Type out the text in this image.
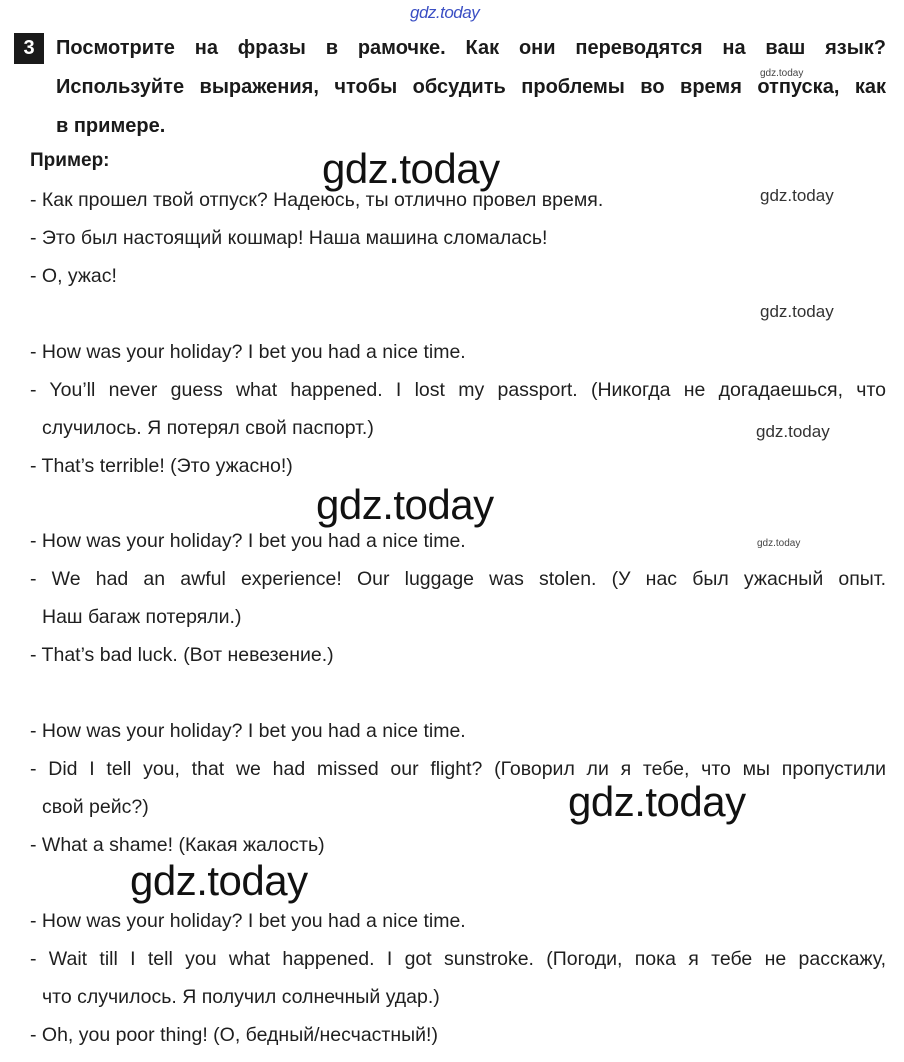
gdz.today
3	Посмотрите на фразы в рамочке. Как они переводятся на ваш язык?
Используйте выражения, чтобы обсудить проблемы во время отпуска, как
в примере.
gdz.today
Пример:	gdz.today
gdz.today
gdz.today
gdz.today
gdz.today
gdz.today
gdz.today
gdz.today
- Как прошел твой отпуск? Надеюсь, ты отлично провел время.
- Это был настоящий кошмар! Наша машина сломалась!
- О, ужас!
- How was your holiday? I bet you had a nice time.
- You’ll never guess what happened. I lost my passport. (Никогда не догадаешься, что
случилось. Я потерял свой паспорт.)
- That’s terrible! (Это ужасно!)
- How was your holiday? I bet you had a nice time.
- We had an awful experience! Our luggage was stolen. (У нас был ужасный опыт.
Наш багаж потеряли.)
- That’s bad luck. (Вот невезение.)
- How was your holiday? I bet you had a nice time.
- Did I tell you, that we had missed our flight? (Говорил ли я тебе, что мы пропустили
свой рейс?)
- What a shame! (Какая жалость)
- How was your holiday? I bet you had a nice time.
- Wait till I tell you what happened. I got sunstroke. (Погоди, пока я тебе не расскажу,
что случилось. Я получил солнечный удар.)
- Oh, you poor thing! (О, бедный/несчастный!)
